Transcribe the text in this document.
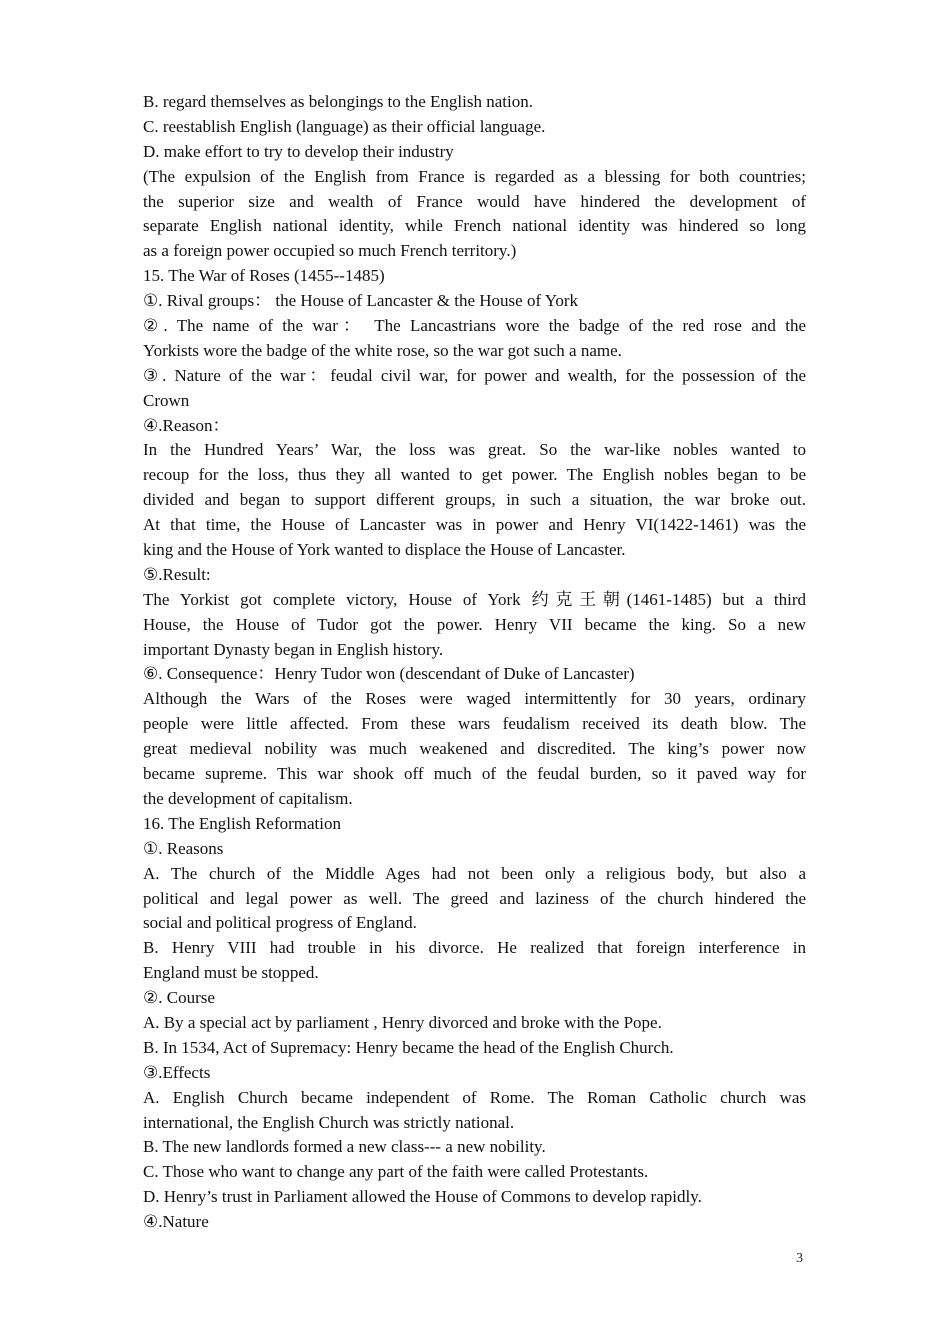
B. regard themselves as belongings to the English nation.
C. reestablish English (language) as their official language.
D. make effort to try to develop their industry
(The expulsion of the English from France is regarded as a blessing for both countries;
the superior size and wealth of France would have hindered the development of
separate English national identity, while French national identity was hindered so long
as a foreign power occupied so much French territory.)
15. The War of Roses (1455--1485)
①. Rival groups： the House of Lancaster & the House of York
②. The name of the war： The Lancastrians wore the badge of the red rose and the
Yorkists wore the badge of the white rose, so the war got such a name.
③. Nature of the war：feudal civil war, for power and wealth, for the possession of the
Crown
④.Reason：
In the Hundred Years’ War, the loss was great. So the war-like nobles wanted to
recoup for the loss, thus they all wanted to get power. The English nobles began to be
divided and began to support different groups, in such a situation, the war broke out.
At that time, the House of Lancaster was in power and Henry VI(1422-1461) was the
king and the House of York wanted to displace the House of Lancaster.
⑤.Result:
The Yorkist got complete victory, House of York 约克王朝(1461-1485) but a third
House, the House of Tudor got the power. Henry VII became the king. So a new
important Dynasty began in English history.
⑥. Consequence：Henry Tudor won (descendant of Duke of Lancaster)
Although the Wars of the Roses were waged intermittently for 30 years, ordinary
people were little affected. From these wars feudalism received its death blow. The
great medieval nobility was much weakened and discredited. The king’s power now
became supreme. This war shook off much of the feudal burden, so it paved way for
the development of capitalism.
16. The English Reformation
①. Reasons
A. The church of the Middle Ages had not been only a religious body, but also a
political and legal power as well. The greed and laziness of the church hindered the
social and political progress of England.
B. Henry VIII had trouble in his divorce. He realized that foreign interference in
England must be stopped.
②. Course
A. By a special act by parliament , Henry divorced and broke with the Pope.
B. In 1534, Act of Supremacy: Henry became the head of the English Church.
③.Effects
A. English Church became independent of Rome. The Roman Catholic church was
international, the English Church was strictly national.
B. The new landlords formed a new class--- a new nobility.
C. Those who want to change any part of the faith were called Protestants.
D. Henry’s trust in Parliament allowed the House of Commons to develop rapidly.
④.Nature
3
